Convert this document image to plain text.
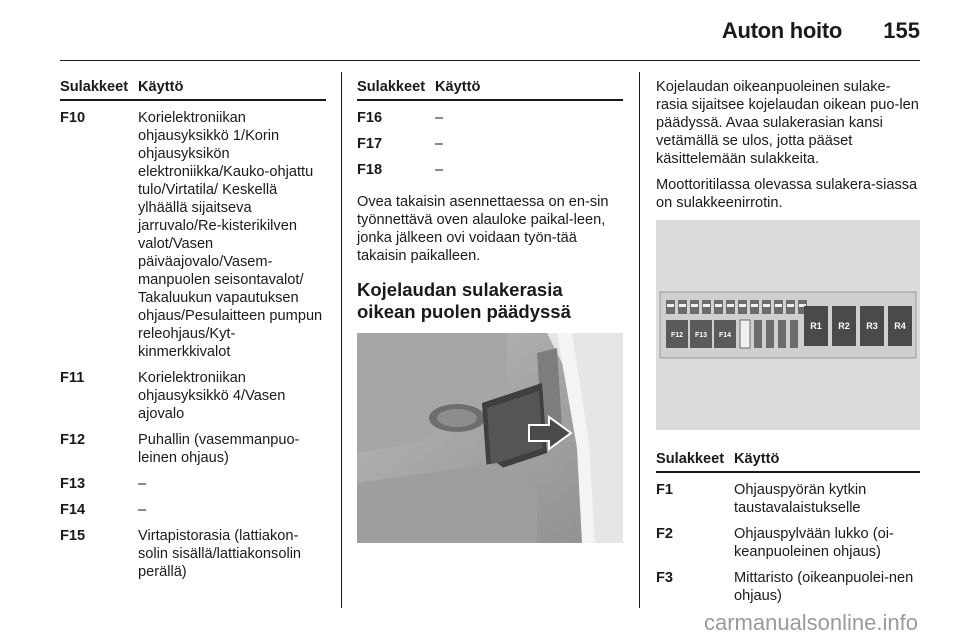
Auton hoito 155
Sulakkeet Käyttö
F10	Korielektroniikan ohjausyksikkö 1/Korin ohjausyksikön elektroniikka/Kauko-ohjattu tulo/Virtatila/ Keskellä ylhäällä sijaitseva jarruvalo/Re-kisterikilven valot/Vasen päiväajovalo/Vasem-manpuolen seisontavalot/ Takaluukun vapautuksen ohjaus/Pesulaitteen pumpun releohjaus/Kyt-kinmerkkivalot
F11	Korielektroniikan ohjausyksikkö 4/Vasen ajovalo
F12	Puhallin (vasemmanpuo-leinen ohjaus)
F13	–
F14	–
F15	Virtapistorasia (lattiakon-solin sisällä/lattiakonsolin perällä)
Sulakkeet Käyttö
F16	–
F17	–
F18	–

Ovea takaisin asennettaessa on en-sin työnnettävä oven alauloke paikal-leen, jonka jälkeen ovi voidaan työn-tää takaisin paikalleen.

Kojelaudan sulakerasia oikean puolen päädyssä

Kojelaudan oikeanpuoleinen sulake-rasia sijaitsee kojelaudan oikean puo-len päädyssä. Avaa sulakerasian kansi vetämällä se ulos, jotta pääset käsittelemään sulakkeita.

Moottoritilassa olevassa sulakera-siassa on sulakkeenirrotin.

F12 F13 F14
R1 R2 R3 R4
Sulakkeet Käyttö
F1	Ohjauspyörän kytkin taustavalaistukselle
F2	Ohjauspylvään lukko (oi-keanpuoleinen ohjaus)
F3	Mittaristo (oikeanpuolei-nen ohjaus)
carmanualsonline.info
